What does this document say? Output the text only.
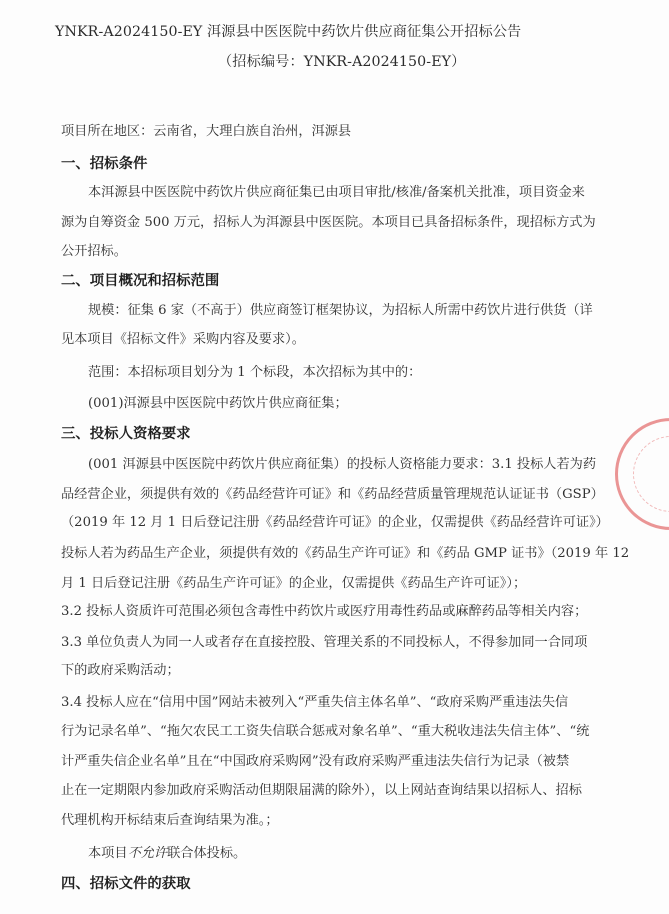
YNKR-A2024150-EY 洱源县中医医院中药饮片供应商征集公开招标公告
（招标编号：YNKR-A2024150-EY）
项目所在地区：云南省，大理白族自治州，洱源县
一、招标条件
本洱源县中医医院中药饮片供应商征集已由项目审批/核准/备案机关批准，项目资金来
源为自筹资金 500 万元，招标人为洱源县中医医院。本项目已具备招标条件，现招标方式为
公开招标。
二、项目概况和招标范围
规模：征集 6 家（不高于）供应商签订框架协议，为招标人所需中药饮片进行供货（详
见本项目《招标文件》采购内容及要求）。
范围：本招标项目划分为 1 个标段，本次招标为其中的：
(001)洱源县中医医院中药饮片供应商征集；
三、投标人资格要求
(001 洱源县中医医院中药饮片供应商征集）的投标人资格能力要求：3.1 投标人若为药
品经营企业，须提供有效的《药品经营许可证》和《药品经营质量管理规范认证证书（GSP）
（2019 年 12 月 1 日后登记注册《药品经营许可证》的企业，仅需提供《药品经营许可证》）
投标人若为药品生产企业，须提供有效的《药品生产许可证》和《药品 GMP 证书》（2019 年 12
月 1 日后登记注册《药品生产许可证》的企业，仅需提供《药品生产许可证》）；
3.2 投标人资质许可范围必须包含毒性中药饮片或医疗用毒性药品或麻醉药品等相关内容；
3.3 单位负责人为同一人或者存在直接控股、管理关系的不同投标人，不得参加同一合同项
下的政府采购活动；
3.4 投标人应在“信用中国”网站未被列入“严重失信主体名单”、“政府采购严重违法失信
行为记录名单”、“拖欠农民工工资失信联合惩戒对象名单”、“重大税收违法失信主体”、“统
计严重失信企业名单”且在“中国政府采购网”没有政府采购严重违法失信行为记录（被禁
止在一定期限内参加政府采购活动但期限届满的除外），以上网站查询结果以招标人、招标
代理机构开标结束后查询结果为准。；
本项目不允许联合体投标。
四、招标文件的获取
